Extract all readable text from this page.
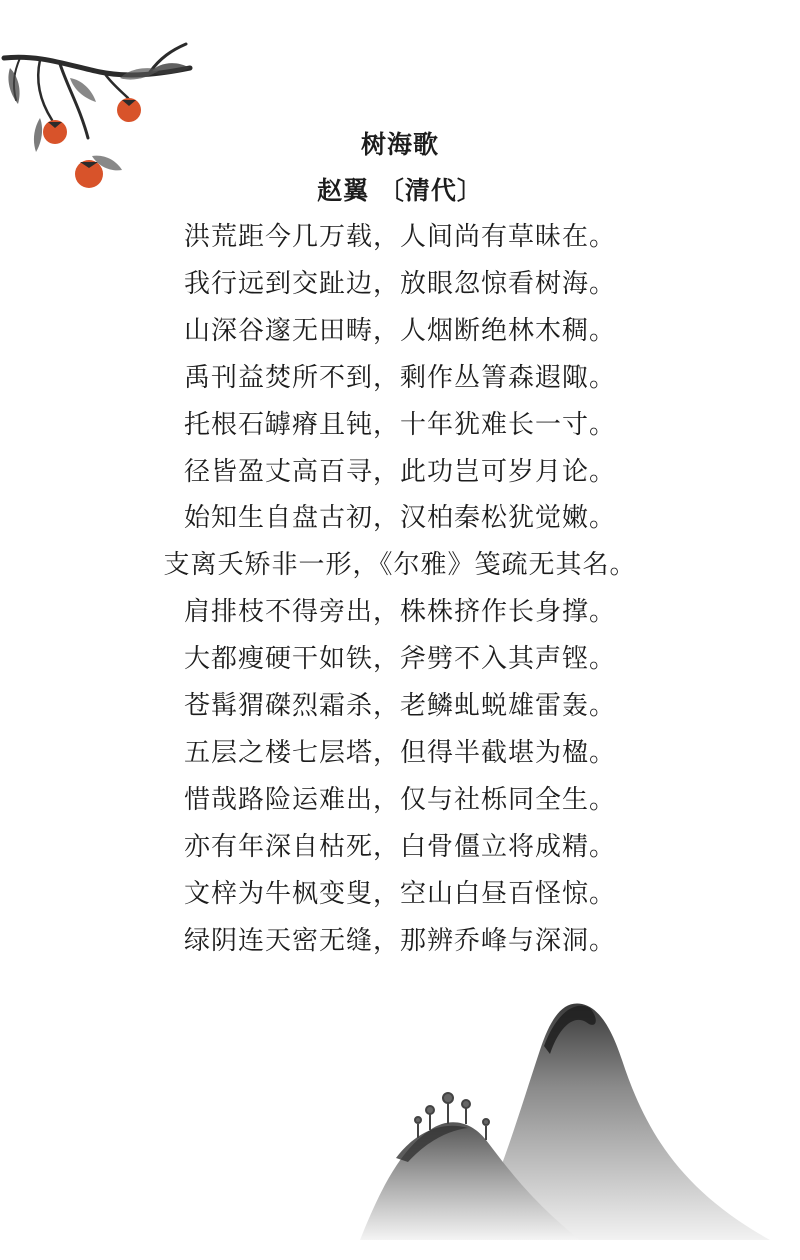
树海歌
赵翼 〔清代〕
洪荒距今几万载，人间尚有草昧在。
我行远到交趾边，放眼忽惊看树海。
山深谷邃无田畴，人烟断绝林木稠。
禹刊益焚所不到，剩作丛箐森遐陬。
托根石罅瘠且钝，十年犹难长一寸。
径皆盈丈高百寻，此功岂可岁月论。
始知生自盘古初，汉柏秦松犹觉嫩。
支离夭矫非一形，《尔雅》笺疏无其名。
肩排枝不得旁出，株株挤作长身撑。
大都瘦硬干如铁，斧劈不入其声铿。
苍髯猬磔烈霜杀，老鳞虬蜕雄雷轰。
五层之楼七层塔，但得半截堪为楹。
惜哉路险运难出，仅与社栎同全生。
亦有年深自枯死，白骨僵立将成精。
文梓为牛枫变叟，空山白昼百怪惊。
绿阴连天密无缝，那辨乔峰与深洞。
